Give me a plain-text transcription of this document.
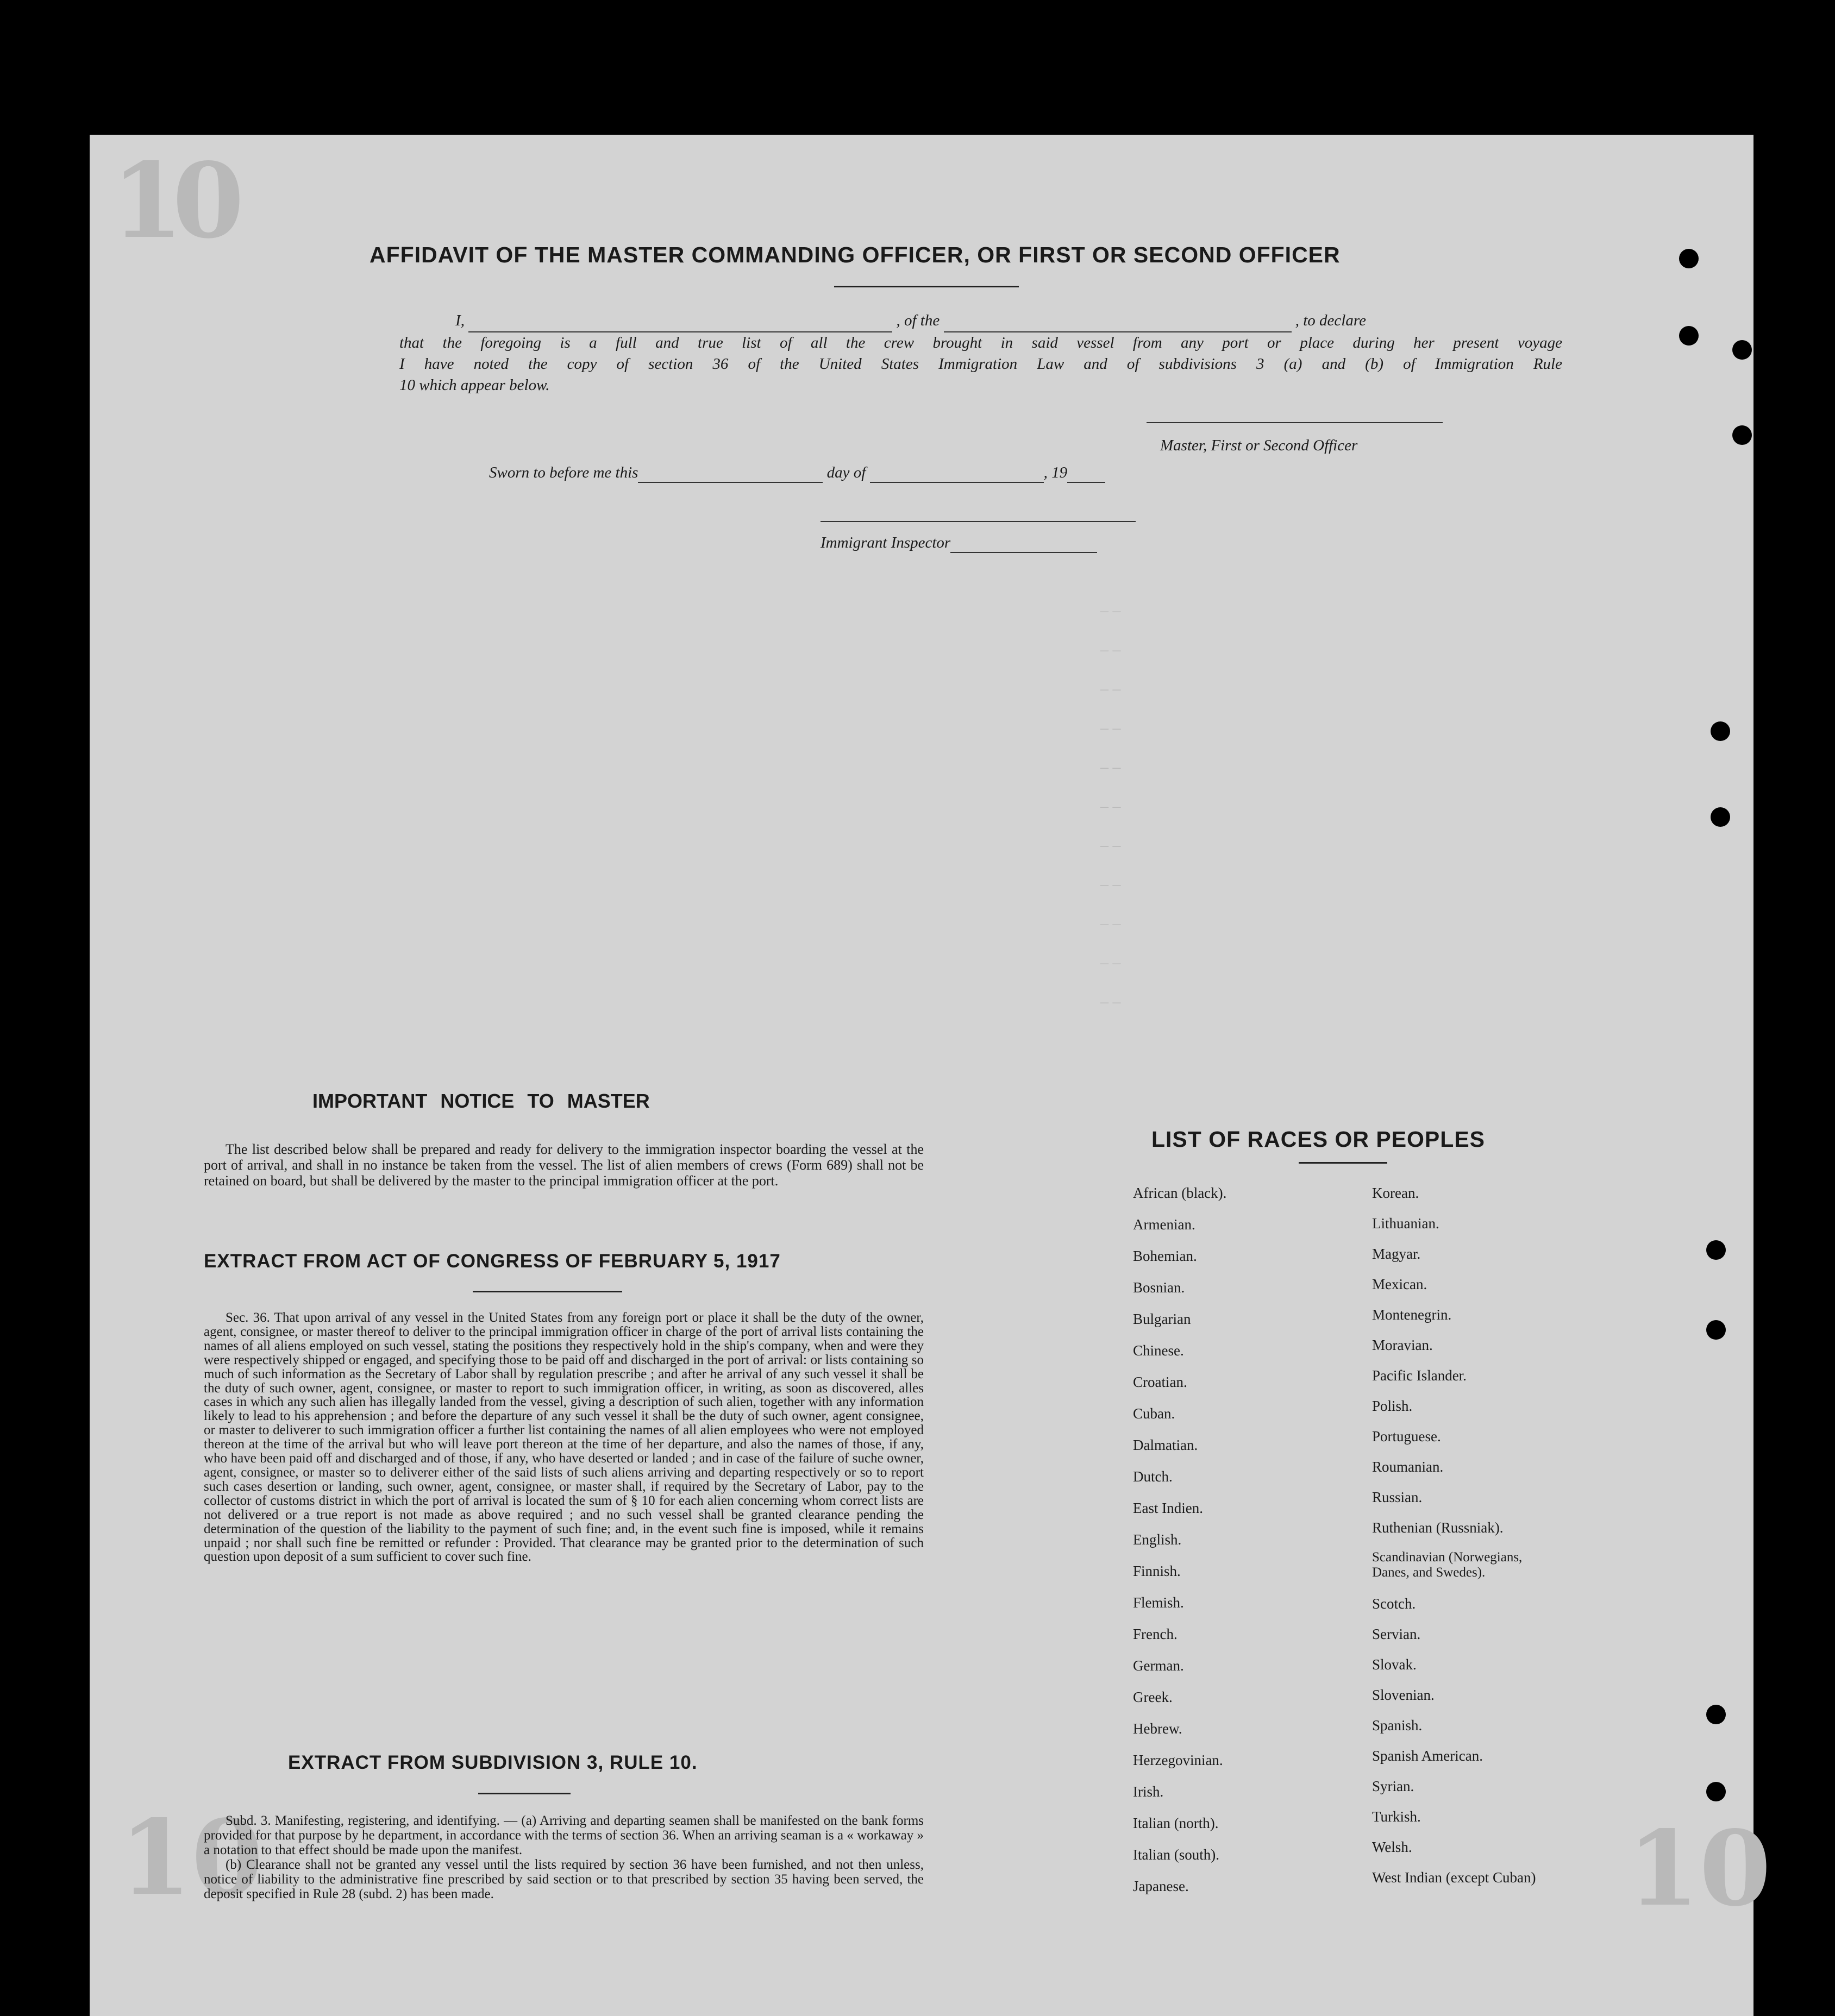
10
10	10
AFFIDAVIT OF THE MASTER COMMANDING OFFICER, OR FIRST OR SECOND OFFICER
I,	, of the	, to declare
that the foregoing is a full and true list of all the crew brought in said vessel from any port or place during her present voyage
I have noted the copy of section 36 of the United States Immigration Law and of subdivisions 3 (a) and (b) of Immigration Rule
10 which appear below.
Master, First or Second Officer
Sworn to before me this	day of	, 19
Immigrant Inspector
– –
– –
– –
– –
– –
– –
– –
– –
– –
– –
– –
IMPORTANT NOTICE TO MASTER
The list described below shall be prepared and ready for delivery to the immigration inspector boarding the vessel at the port of arrival, and shall in no instance be taken from the vessel. The list of alien members of crews (Form 689) shall not be retained on board, but shall be delivered by the master to the principal immigration officer at the port.
EXTRACT FROM ACT OF CONGRESS OF FEBRUARY 5, 1917
Sec. 36. That upon arrival of any vessel in the United States from any foreign port or place it shall be the duty of the owner, agent, consignee, or master thereof to deliver to the principal immigration officer in charge of the port of arrival lists containing the names of all aliens employed on such vessel, stating the positions they respectively hold in the ship's company, when and were they were respectively shipped or engaged, and specifying those to be paid off and discharged in the port of arrival: or lists containing so much of such information as the Secretary of Labor shall by regulation prescribe ; and after he arrival of any such vessel it shall be the duty of such owner, agent, consignee, or master to report to such immigration officer, in writing, as soon as discovered, alles cases in which any such alien has illegally landed from the vessel, giving a description of such alien, together with any information likely to lead to his apprehension ; and before the departure of any such vessel it shall be the duty of such owner, agent consignee, or master to deliverer to such immigration officer a further list containing the names of all alien employees who were not employed thereon at the time of the arrival but who will leave port thereon at the time of her departure, and also the names of those, if any, who have been paid off and discharged and of those, if any, who have deserted or landed ; and in case of the failure of suche owner, agent, consignee, or master so to deliverer either of the said lists of such aliens arriving and departing respectively or so to report such cases desertion or landing, such owner, agent, consignee, or master shall, if required by the Secretary of Labor, pay to the collector of customs district in which the port of arrival is located the sum of § 10 for each alien concerning whom correct lists are not delivered or a true report is not made as above required ; and no such vessel shall be granted clearance pending the determination of the question of the liability to the payment of such fine; and, in the event such fine is imposed, while it remains unpaid ; nor shall such fine be remitted or refunder : Provided. That clearance may be granted prior to the determination of such question upon deposit of a sum sufficient to cover such fine.
EXTRACT FROM SUBDIVISION 3, RULE 10.
Subd. 3. Manifesting, registering, and identifying. — (a) Arriving and departing seamen shall be manifested on the bank forms provided for that purpose by he department, in accordance with the terms of section 36. When an arriving seaman is a « workaway » a notation to that effect should be made upon the manifest.
(b) Clearance shall not be granted any vessel until the lists required by section 36 have been furnished, and not then unless, notice of liability to the administrative fine prescribed by said section or to that prescribed by section 35 having been served, the deposit specified in Rule 28 (subd. 2) has been made.
LIST OF RACES OR PEOPLES
African (black).
Armenian.
Bohemian.
Bosnian.
Bulgarian
Chinese.
Croatian.
Cuban.
Dalmatian.
Dutch.
East Indien.
English.
Finnish.
Flemish.
French.
German.
Greek.
Hebrew.
Herzegovinian.
Irish.
Italian (north).
Italian (south).
Japanese.
Korean.
Lithuanian.
Magyar.
Mexican.
Montenegrin.
Moravian.
Pacific Islander.
Polish.
Portuguese.
Roumanian.
Russian.
Ruthenian (Russniak).
Scandinavian (Norwegians, Danes, and Swedes).
Scotch.
Servian.
Slovak.
Slovenian.
Spanish.
Spanish American.
Syrian.
Turkish.
Welsh.
West Indian (except Cuban)
